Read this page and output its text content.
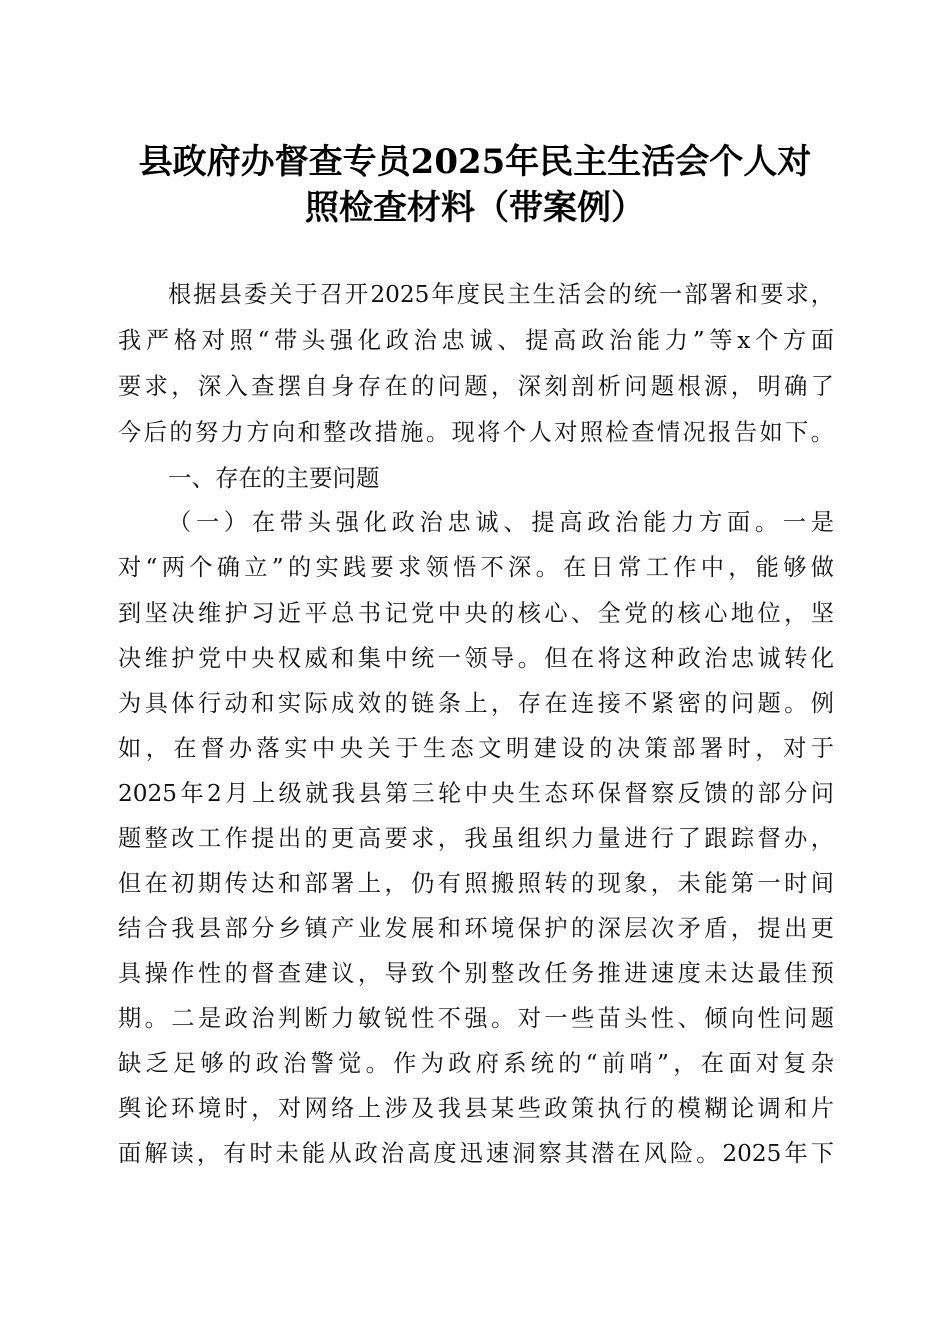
县政府办督查专员2025年民主生活会个人对
照检查材料（带案例）
根据县委关于召开2025年度民主生活会的统一部署和要求，
我严格对照“带头强化政治忠诚、提高政治能力”等x个方面
要求，深入查摆自身存在的问题，深刻剖析问题根源，明确了
今后的努力方向和整改措施。现将个人对照检查情况报告如下。
一、存在的主要问题
（一）在带头强化政治忠诚、提高政治能力方面。一是
对“两个确立”的实践要求领悟不深。在日常工作中，能够做
到坚决维护习近平总书记党中央的核心、全党的核心地位，坚
决维护党中央权威和集中统一领导。但在将这种政治忠诚转化
为具体行动和实际成效的链条上，存在连接不紧密的问题。例
如，在督办落实中央关于生态文明建设的决策部署时，对于
2025年2月上级就我县第三轮中央生态环保督察反馈的部分问
题整改工作提出的更高要求，我虽组织力量进行了跟踪督办，
但在初期传达和部署上，仍有照搬照转的现象，未能第一时间
结合我县部分乡镇产业发展和环境保护的深层次矛盾，提出更
具操作性的督查建议，导致个别整改任务推进速度未达最佳预
期。二是政治判断力敏锐性不强。对一些苗头性、倾向性问题
缺乏足够的政治警觉。作为政府系统的“前哨”，在面对复杂
舆论环境时，对网络上涉及我县某些政策执行的模糊论调和片
面解读，有时未能从政治高度迅速洞察其潜在风险。2025年下
